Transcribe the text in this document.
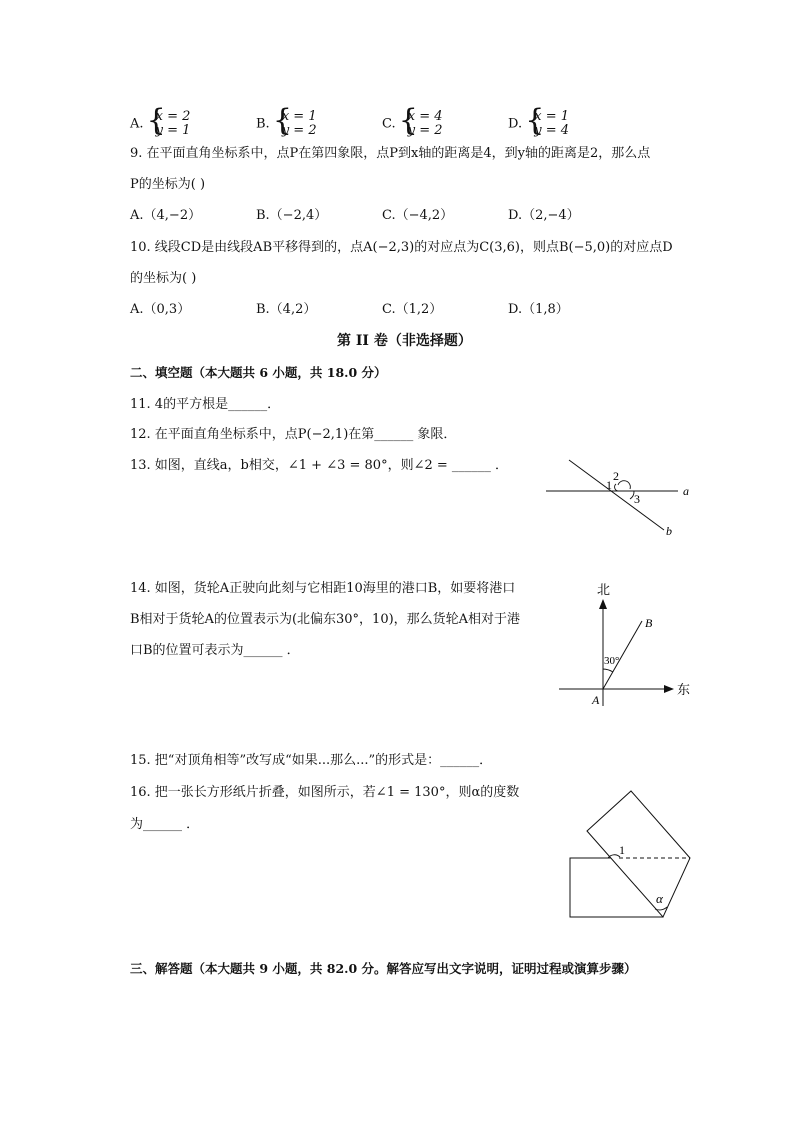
A. {
x = 2
y = 1	B. {
x = 1
y = 2	C. {
x = 4
y = 2	D. {
x = 1
y = 4
9. 在平面直角坐标系中，点P在第四象限，点P到x轴的距离是4，到y轴的距离是2，那么点
P的坐标为( )
A.（4,−2）	B.（−2,4）	C.（−4,2）	D.（2,−4）
10. 线段CD是由线段AB平移得到的，点A(−2,3)的对应点为C(3,6)，则点B(−5,0)的对应点D
的坐标为( )
A.（0,3）	B.（4,2）	C.（1,2）	D.（1,8）
第 II 卷（非选择题）
二、填空题（本大题共 6 小题，共 18.0 分）
11. 4的平方根是______．
12. 在平面直角坐标系中，点P(−2,1)在第______ 象限．
13. 如图，直线a，b相交，∠1 + ∠3 = 80°，则∠2 = ______ ．
1
2
3
a
b
14. 如图，货轮A正驶向此刻与它相距10海里的港口B，如要将港口
B相对于货轮A的位置表示为(北偏东30°，10)，那么货轮A相对于港
口B的位置可表示为______ ．
北
东
A
B
30°
15. 把“对顶角相等”改写成“如果...那么...”的形式是：______．
16. 把一张长方形纸片折叠，如图所示，若∠1 = 130°，则α的度数
为______ ．
1
α
三、解答题（本大题共 9 小题，共 82.0 分。解答应写出文字说明，证明过程或演算步骤）
